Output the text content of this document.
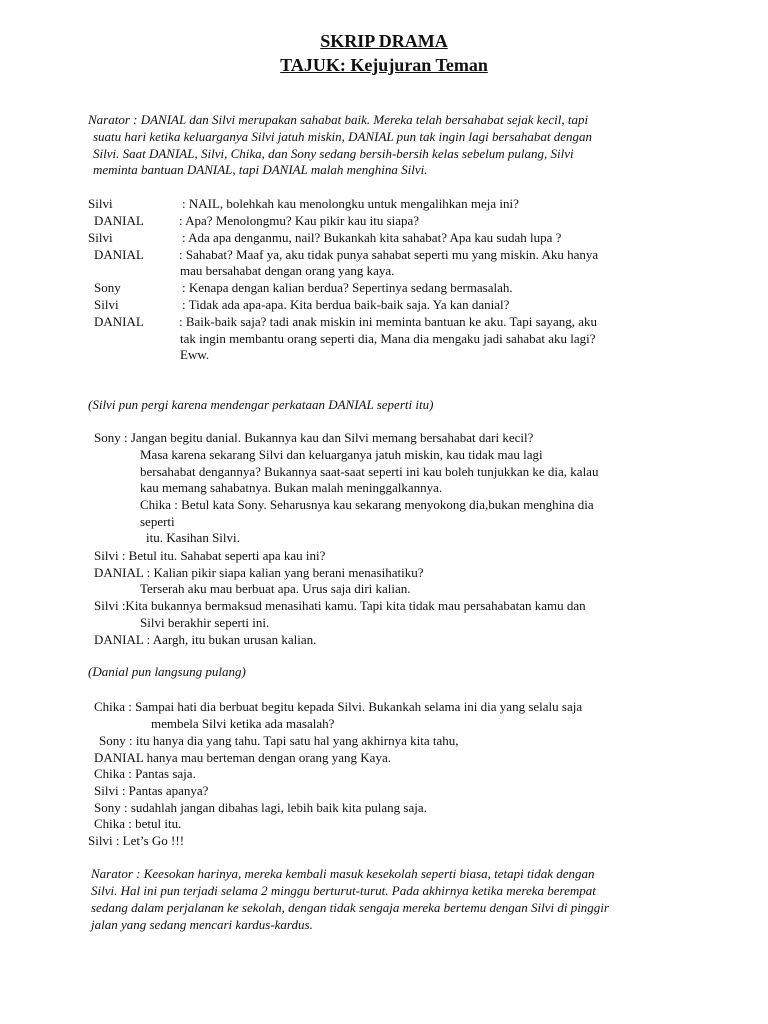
SKRIP DRAMA
TAJUK: Kejujuran Teman
Narator : DANIAL dan Silvi merupakan sahabat baik. Mereka telah bersahabat sejak kecil, tapi
suatu hari ketika keluarganya Silvi jatuh miskin, DANIAL pun tak ingin lagi bersahabat dengan
Silvi. Saat DANIAL, Silvi, Chika, dan Sony sedang bersih-bersih kelas sebelum pulang, Silvi
meminta bantuan DANIAL, tapi DANIAL malah menghina Silvi.
Silvi	: NAIL, bolehkah kau menolongku untuk mengalihkan meja ini?
DANIAL	: Apa? Menolongmu? Kau pikir kau itu siapa?
Silvi	: Ada apa denganmu, nail? Bukankah kita sahabat? Apa kau sudah lupa ?
DANIAL	: Sahabat? Maaf ya, aku tidak punya sahabat seperti mu yang miskin. Aku hanya
mau bersahabat dengan orang yang kaya.
Sony	: Kenapa dengan kalian berdua? Sepertinya sedang bermasalah.
Silvi	: Tidak ada apa-apa. Kita berdua baik-baik saja. Ya kan danial?
DANIAL	: Baik-baik saja? tadi anak miskin ini meminta bantuan ke aku. Tapi sayang, aku
tak ingin membantu orang seperti dia, Mana dia mengaku jadi sahabat aku lagi?
Eww.
(Silvi pun pergi karena mendengar perkataan DANIAL seperti itu)
Sony : Jangan begitu danial. Bukannya kau dan Silvi memang bersahabat dari kecil?
Masa karena sekarang Silvi dan keluarganya jatuh miskin, kau tidak mau lagi
bersahabat dengannya? Bukannya saat-saat seperti ini kau boleh tunjukkan ke dia, kalau
kau memang sahabatnya. Bukan malah meninggalkannya.
Chika : Betul kata Sony. Seharusnya kau sekarang menyokong dia,bukan menghina dia
seperti
itu. Kasihan Silvi.
Silvi : Betul itu. Sahabat seperti apa kau ini?
DANIAL : Kalian pikir siapa kalian yang berani menasihatiku?
Terserah aku mau berbuat apa. Urus saja diri kalian.
Silvi :Kita bukannya bermaksud menasihati kamu. Tapi kita tidak mau persahabatan kamu dan
Silvi berakhir seperti ini.
DANIAL : Aargh, itu bukan urusan kalian.
(Danial pun langsung pulang)
Chika : Sampai hati dia berbuat begitu kepada Silvi. Bukankah selama ini dia yang selalu saja
membela Silvi ketika ada masalah?
Sony : itu hanya dia yang tahu. Tapi satu hal yang akhirnya kita tahu,
DANIAL hanya mau berteman dengan orang yang Kaya.
Chika : Pantas saja.
Silvi : Pantas apanya?
Sony : sudahlah jangan dibahas lagi, lebih baik kita pulang saja.
Chika : betul itu.
Silvi : Let’s Go !!!
Narator : Keesokan harinya, mereka kembali masuk kesekolah seperti biasa, tetapi tidak dengan
Silvi. Hal ini pun terjadi selama 2 minggu berturut-turut. Pada akhirnya ketika mereka berempat
sedang dalam perjalanan ke sekolah, dengan tidak sengaja mereka bertemu dengan Silvi di pinggir
jalan yang sedang mencari kardus-kardus.
